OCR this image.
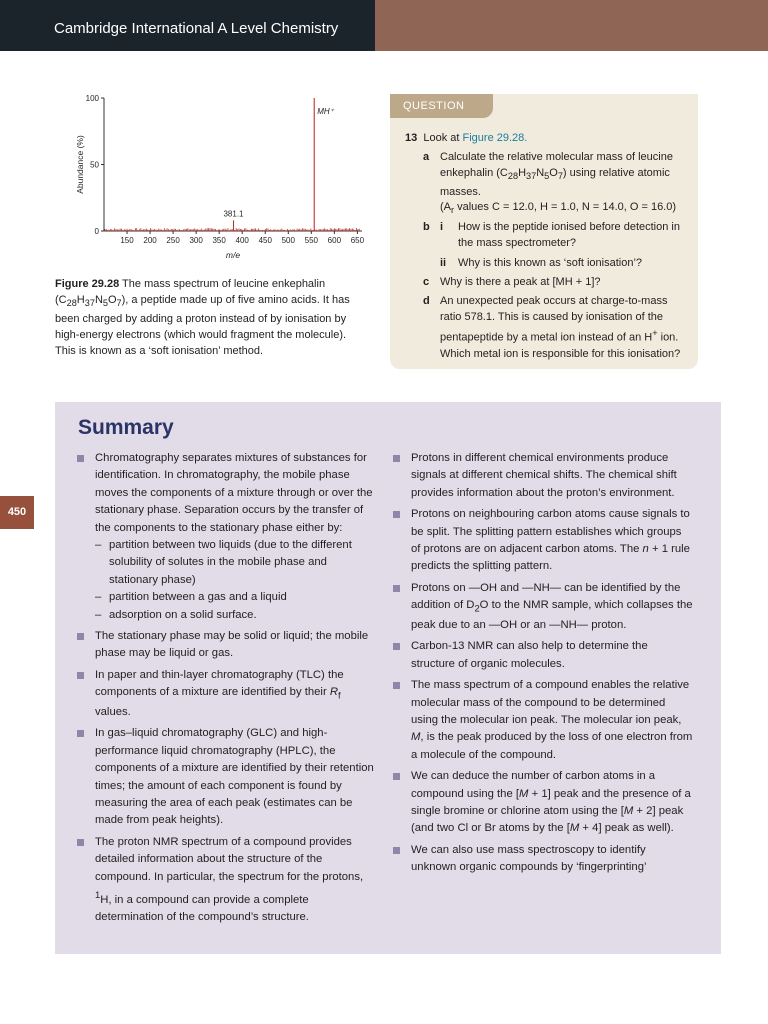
Cambridge International A Level Chemistry
450
0
50
100
150 200 250 300 350 400 450 500 550 600 650
381.1
MH⁺
m/e
Abundance (%)
Figure 29.28 The mass spectrum of leucine enkephalin $(C_{28}H_{37}N_5O_7)$, a peptide made up of five amino acids. It has been charged by adding a proton instead of by ionisation by high-energy electrons (which would fragment the molecule). This is known as a ‘soft ionisation’ method.
QUESTION
13 Look at Figure 29.28.
a Calculate the relative molecular mass of leucine enkephalin $(C_{28}H_{37}N_5O_7)$ using relative atomic masses.
($A_r$ values C = 12.0, H = 1.0, N = 14.0, O = 16.0)
b i How is the peptide ionised before detection in the mass spectrometer?
ii Why is this known as ‘soft ionisation’?
c Why is there a peak at [MH + 1]?
d An unexpected peak occurs at charge-to-mass ratio 578.1. This is caused by ionisation of the pentapeptide by a metal ion instead of an H+ ion. Which metal ion is responsible for this ionisation?
Summary
Chromatography separates mixtures of substances for identification. In chromatography, the mobile phase moves the components of a mixture through or over the stationary phase. Separation occurs by the transfer of the components to the stationary phase either by:
– partition between two liquids (due to the different solubility of solutes in the mobile phase and stationary phase)
– partition between a gas and a liquid
– adsorption on a solid surface.
The stationary phase may be solid or liquid; the mobile phase may be liquid or gas.
In paper and thin-layer chromatography (TLC) the components of a mixture are identified by their $R_f$ values.
In gas–liquid chromatography (GLC) and high-performance liquid chromatography (HPLC), the components of a mixture are identified by their retention times; the amount of each component is found by measuring the area of each peak (estimates can be made from peak heights).
The proton NMR spectrum of a compound provides detailed information about the structure of the compound. In particular, the spectrum for the protons, $^1$H, in a compound can provide a complete determination of the compound’s structure.
Protons in different chemical environments produce signals at different chemical shifts. The chemical shift provides information about the proton’s environment.
Protons on neighbouring carbon atoms cause signals to be split. The splitting pattern establishes which groups of protons are on adjacent carbon atoms. The n + 1 rule predicts the splitting pattern.
Protons on —OH and —NH— can be identified by the addition of $D_2O$ to the NMR sample, which collapses the peak due to an —OH or an —NH— proton.
Carbon-13 NMR can also help to determine the structure of organic molecules.
The mass spectrum of a compound enables the relative molecular mass of the compound to be determined using the molecular ion peak. The molecular ion peak, M, is the peak produced by the loss of one electron from a molecule of the compound.
We can deduce the number of carbon atoms in a compound using the [M + 1] peak and the presence of a single bromine or chlorine atom using the [M + 2] peak (and two Cl or Br atoms by the [M + 4] peak as well).
We can also use mass spectroscopy to identify unknown organic compounds by ‘fingerprinting’
